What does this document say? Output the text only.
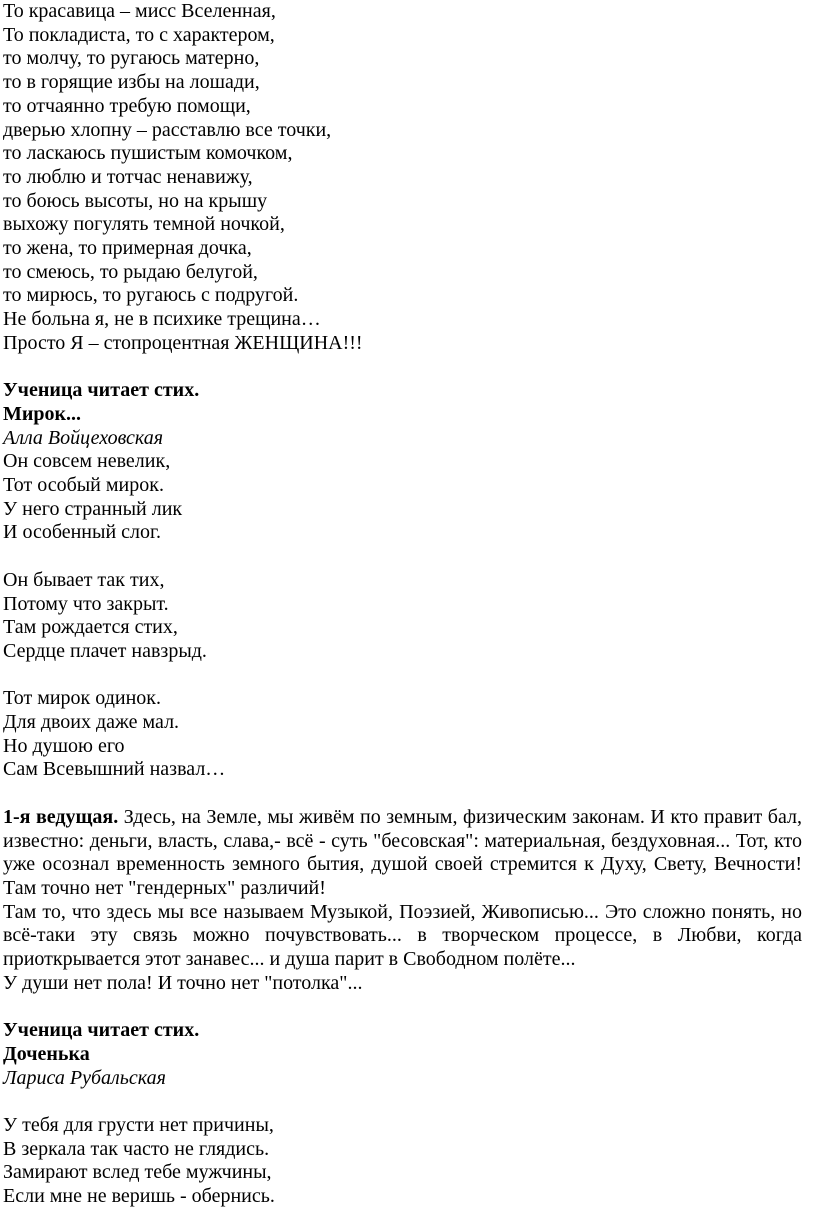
То красавица – мисс Вселенная,
То покладиста, то с характером,
то молчу, то ругаюсь матерно,
то в горящие избы на лошади,
то отчаянно требую помощи,
дверью хлопну – расставлю все точки,
то ласкаюсь пушистым комочком,
то люблю и тотчас ненавижу,
то боюсь высоты, но на крышу
выхожу погулять темной ночкой,
то жена, то примерная дочка,
то смеюсь, то рыдаю белугой,
то мирюсь, то ругаюсь с подругой.
Не больна я, не в психике трещина…
Просто Я – стопроцентная ЖЕНЩИНА!!!
Ученица читает стих.
Мирок...
Алла Войцеховская
Он совсем невелик,
Тот особый мирок.
У него странный лик
И особенный слог.
Он бывает так тих,
Потому что закрыт.
Там рождается стих,
Сердце плачет навзрыд.
Тот мирок одинок.
Для двоих даже мал.
Но душою его
Сам Всевышний назвал…
1-я ведущая. Здесь, на Земле, мы живём по земным, физическим законам. И кто правит бал, известно: деньги, власть, слава,- всё - суть "бесовская": материальная, бездуховная... Тот, кто уже осознал временность земного бытия, душой своей стремится к Духу, Свету, Вечности! Там точно нет "гендерных" различий!
Там то, что здесь мы все называем Музыкой, Поэзией, Живописью... Это сложно понять, но всё-таки эту связь можно почувствовать... в творческом процессе, в Любви, когда приоткрывается этот занавес... и душа парит в Свободном полёте...
У души нет пола! И точно нет "потолка"...
Ученица читает стих.
Доченька
Лариса Рубальская
У тебя для грусти нет причины,
В зеркала так часто не глядись.
Замирают вслед тебе мужчины,
Если мне не веришь - обернись.
